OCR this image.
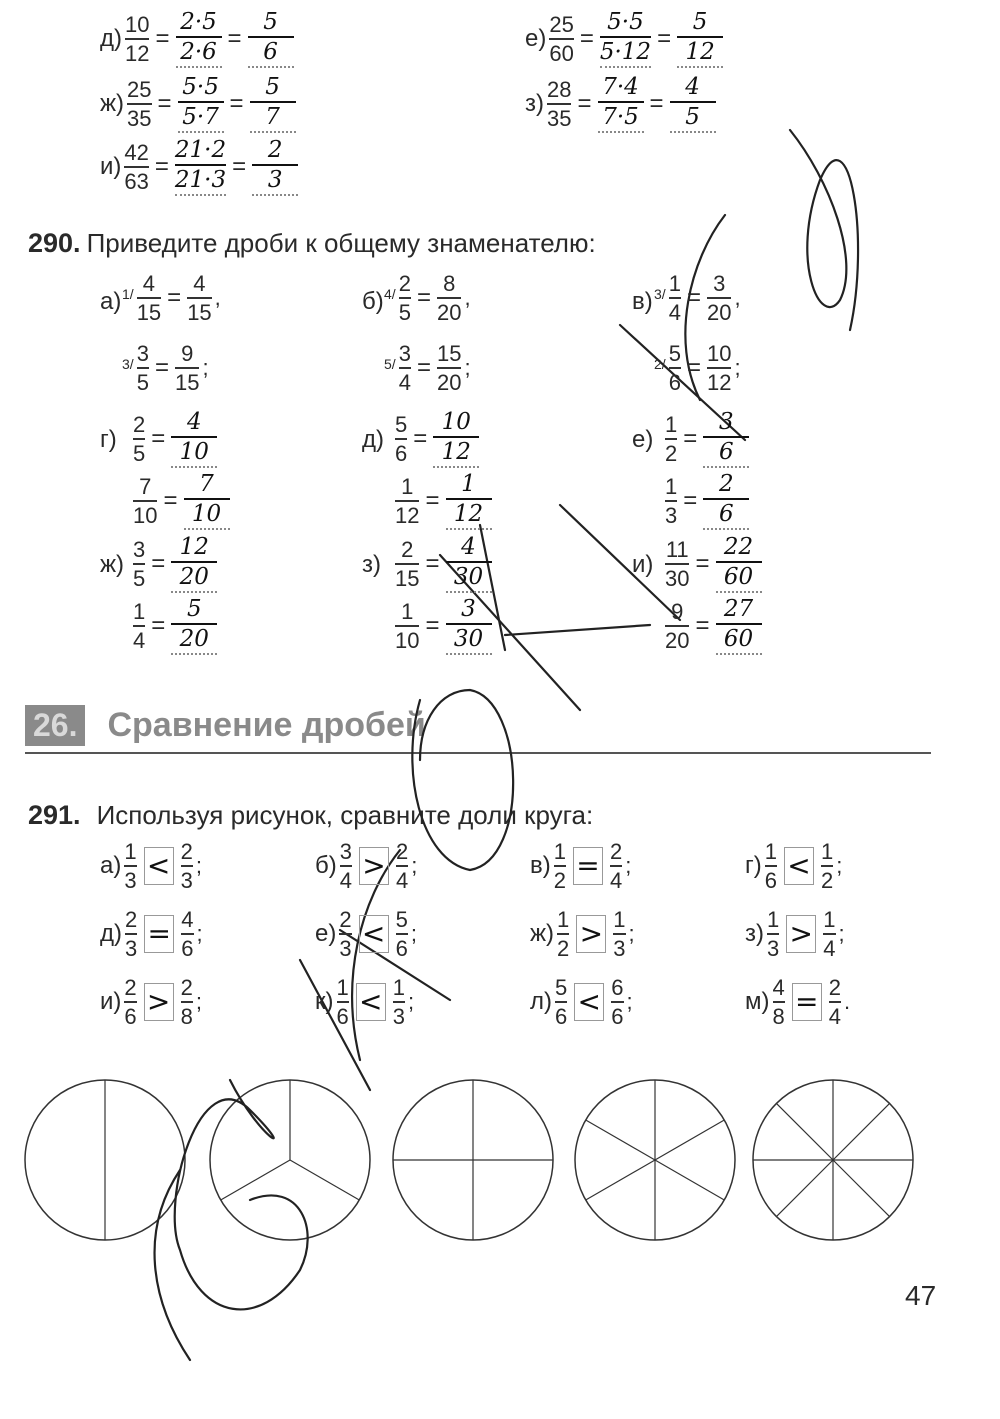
290. Приведите дроби к общему знаменателю:
26. Сравнение дробей
291. Используя рисунок, сравните доли круга:
47
$д) \frac{10}{12} = \frac{2\cdot 5}{2\cdot 6} = \frac{5}{6}$	$е) \frac{25}{60} = \frac{5\cdot 5}{5\cdot 12} = \frac{5}{12}$
$ж) \frac{25}{35} = \frac{5\cdot 5}{5\cdot 7} = \frac{5}{7}$	$з) \frac{28}{35} = \frac{7\cdot 4}{7\cdot 5} = \frac{4}{5}$
$и) \frac{42}{63} = \frac{21\cdot 2}{21\cdot 3} = \frac{2}{3}$
а) $1/ \frac{4}{15} = \frac{4}{15}$ ,
$3/ \frac{3}{5} = \frac{9}{15}$ ;
б) $4/ \frac{2}{5} = \frac{8}{20}$ ,
$5/ \frac{3}{4} = \frac{15}{20}$ ;
в) $3/ \frac{1}{4} = \frac{3}{20}$ ,
$2/ \frac{5}{6} = \frac{10}{12}$ ;
$г) \frac{2}{5} = \frac{4}{10}$
$\frac{7}{10} = \frac{7}{10}$
$д) \frac{5}{6} = \frac{10}{12}$
$\frac{1}{12} = \frac{1}{12}$
$е) \frac{1}{2} = \frac{3}{6}$
$\frac{1}{3} = \frac{2}{6}$
$ж) \frac{3}{5} = \frac{12}{20}$
$\frac{1}{4} = \frac{5}{20}$
$з) \frac{2}{15} = \frac{4}{30}$
$\frac{1}{10} = \frac{3}{30}$
$и) \frac{11}{30} = \frac{22}{60}$
$\frac{9}{20} = \frac{27}{60}$
$а) \frac{1}{3} < \frac{2}{3}$ ;	$б) \frac{3}{4} > \frac{2}{4}$ ;	$в) \frac{1}{2} = \frac{2}{4}$ ;	$г) \frac{1}{6} < \frac{1}{2}$ ;
$д) \frac{2}{3} = \frac{4}{6}$ ;	$е) \frac{2}{3} < \frac{5}{6}$ ;	$ж) \frac{1}{2} > \frac{1}{3}$ ;	$з) \frac{1}{3} > \frac{1}{4}$ ;
$и) \frac{2}{6} > \frac{2}{8}$ ;	$к) \frac{1}{6} < \frac{1}{3}$ ;	$л) \frac{5}{6} < \frac{6}{6}$ ;	$м) \frac{4}{8} = \frac{2}{4}$ .
